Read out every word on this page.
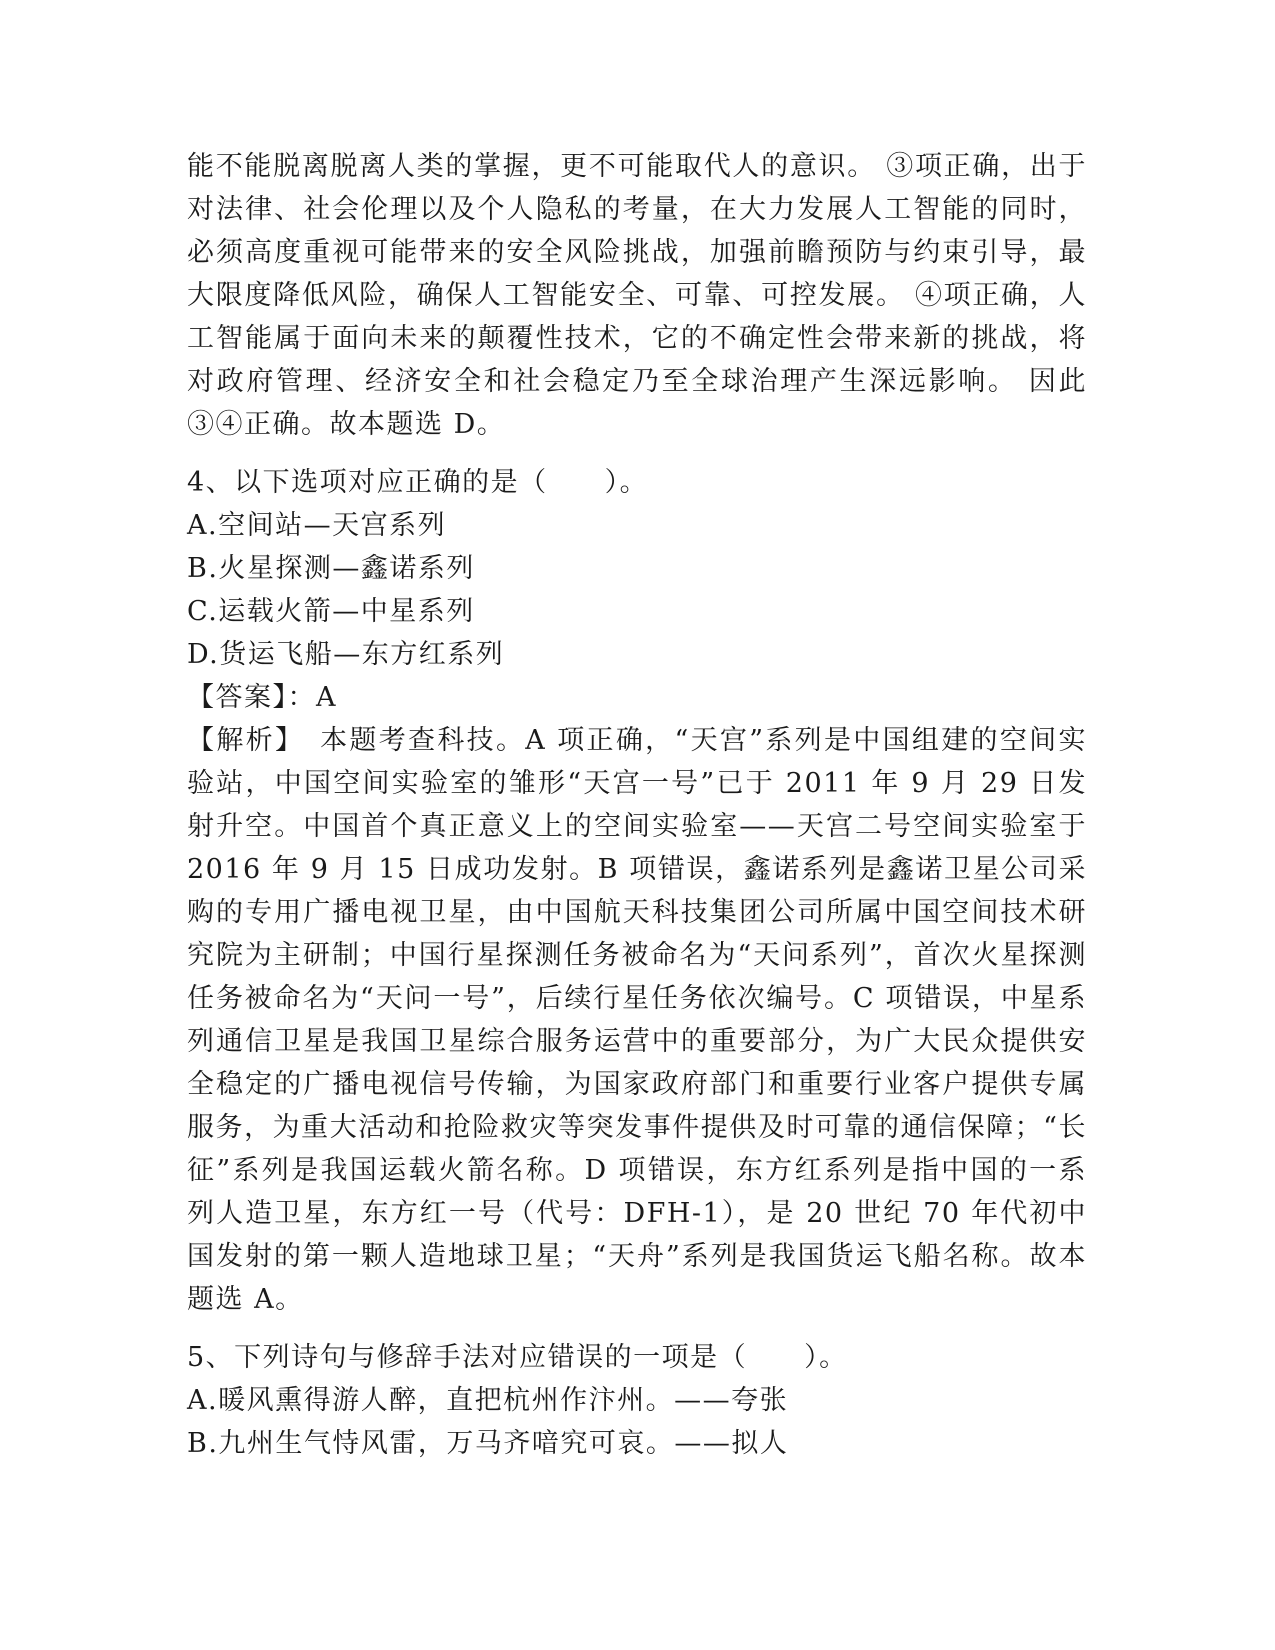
能不能脱离脱离人类的掌握，更不可能取代人的意识。 ③项正确，出于对法律、社会伦理以及个人隐私的考量，在大力发展人工智能的同时，必须高度重视可能带来的安全风险挑战，加强前瞻预防与约束引导，最大限度降低风险，确保人工智能安全、可靠、可控发展。 ④项正确，人工智能属于面向未来的颠覆性技术，它的不确定性会带来新的挑战，将对政府管理、经济安全和社会稳定乃至全球治理产生深远影响。 因此③④正确。故本题选 D。

4、以下选项对应正确的是（　　）。

A.空间站—天宫系列

B.火星探测—鑫诺系列

C.运载火箭—中星系列

D.货运飞船—东方红系列

【答案】：A

【解析】　本题考查科技。A 项正确，“天宫”系列是中国组建的空间实验站，中国空间实验室的雏形“天宫一号”已于 2011 年 9 月 29 日发射升空。中国首个真正意义上的空间实验室——天宫二号空间实验室于 2016 年 9 月 15 日成功发射。B 项错误，鑫诺系列是鑫诺卫星公司采购的专用广播电视卫星，由中国航天科技集团公司所属中国空间技术研究院为主研制；中国行星探测任务被命名为“天问系列”，首次火星探测任务被命名为“天问一号”，后续行星任务依次编号。C 项错误，中星系列通信卫星是我国卫星综合服务运营中的重要部分，为广大民众提供安全稳定的广播电视信号传输，为国家政府部门和重要行业客户提供专属服务，为重大活动和抢险救灾等突发事件提供及时可靠的通信保障；“长征”系列是我国运载火箭名称。D 项错误，东方红系列是指中国的一系列人造卫星，东方红一号（代号：DFH-1），是 20 世纪 70 年代初中国发射的第一颗人造地球卫星；“天舟”系列是我国货运飞船名称。故本题选 A。

5、下列诗句与修辞手法对应错误的一项是（　　）。

A.暖风熏得游人醉，直把杭州作汴州。——夸张

B.九州生气恃风雷，万马齐喑究可哀。——拟人
